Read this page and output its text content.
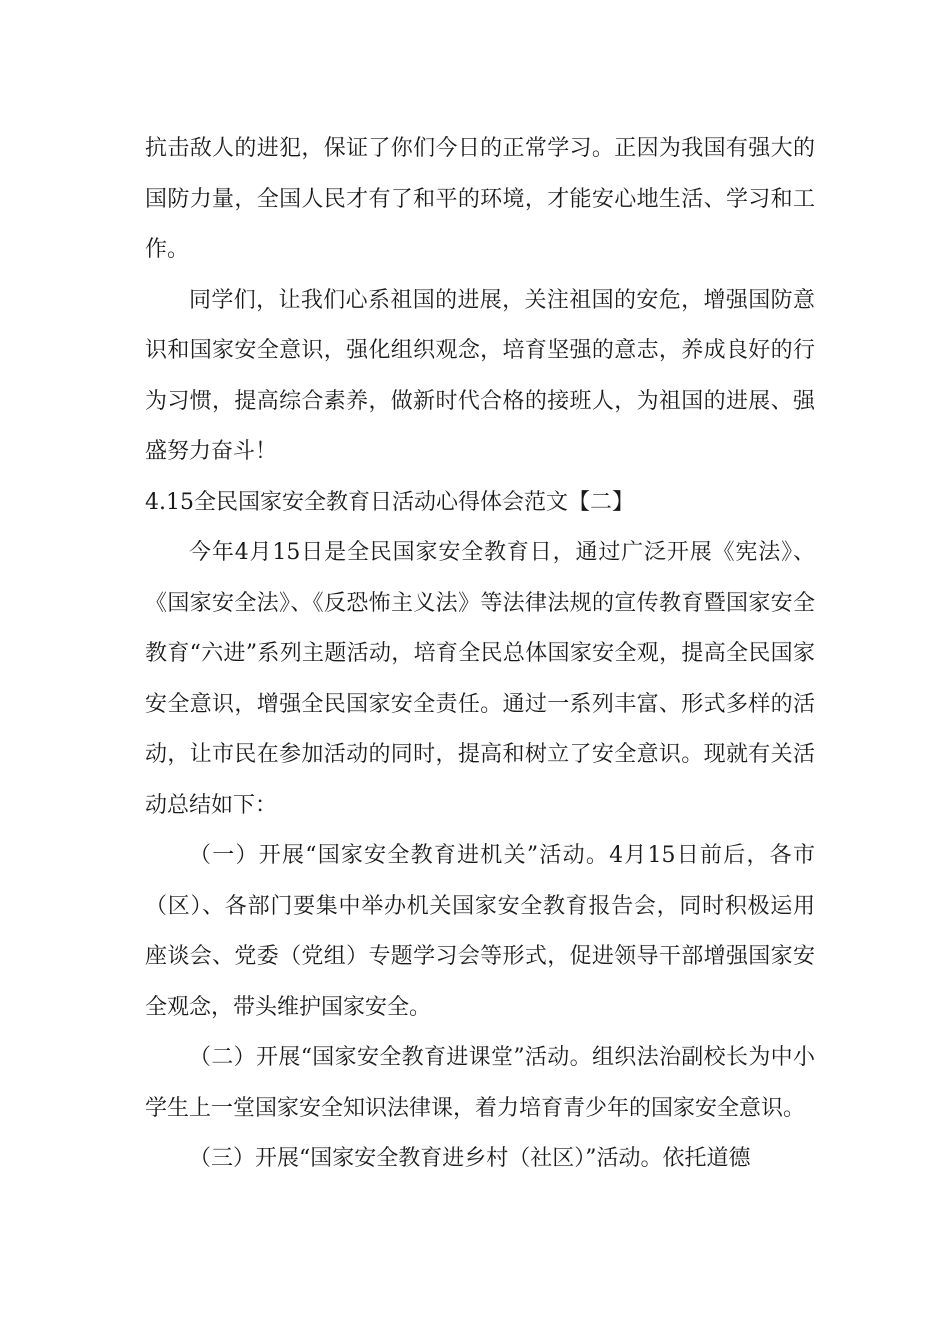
抗击敌人的进犯，保证了你们今日的正常学习。正因为我国有强大的国防力量，全国人民才有了和平的环境，才能安心地生活、学习和工作。

同学们，让我们心系祖国的进展，关注祖国的安危，增强国防意识和国家安全意识，强化组织观念，培育坚强的意志，养成良好的行为习惯，提高综合素养，做新时代合格的接班人，为祖国的进展、强盛努力奋斗！

4.15全民国家安全教育日活动心得体会范文【二】

今年4月15日是全民国家安全教育日，通过广泛开展《宪法》、《国家安全法》、《反恐怖主义法》等法律法规的宣传教育暨国家安全教育“六进”系列主题活动，培育全民总体国家安全观，提高全民国家安全意识，增强全民国家安全责任。通过一系列丰富、形式多样的活动，让市民在参加活动的同时，提高和树立了安全意识。现就有关活动总结如下：

（一）开展“国家安全教育进机关”活动。4月15日前后，各市（区）、各部门要集中举办机关国家安全教育报告会，同时积极运用座谈会、党委（党组）专题学习会等形式，促进领导干部增强国家安全观念，带头维护国家安全。

（二）开展“国家安全教育进课堂”活动。组织法治副校长为中小学生上一堂国家安全知识法律课，着力培育青少年的国家安全意识。

（三）开展“国家安全教育进乡村（社区）”活动。依托道德
